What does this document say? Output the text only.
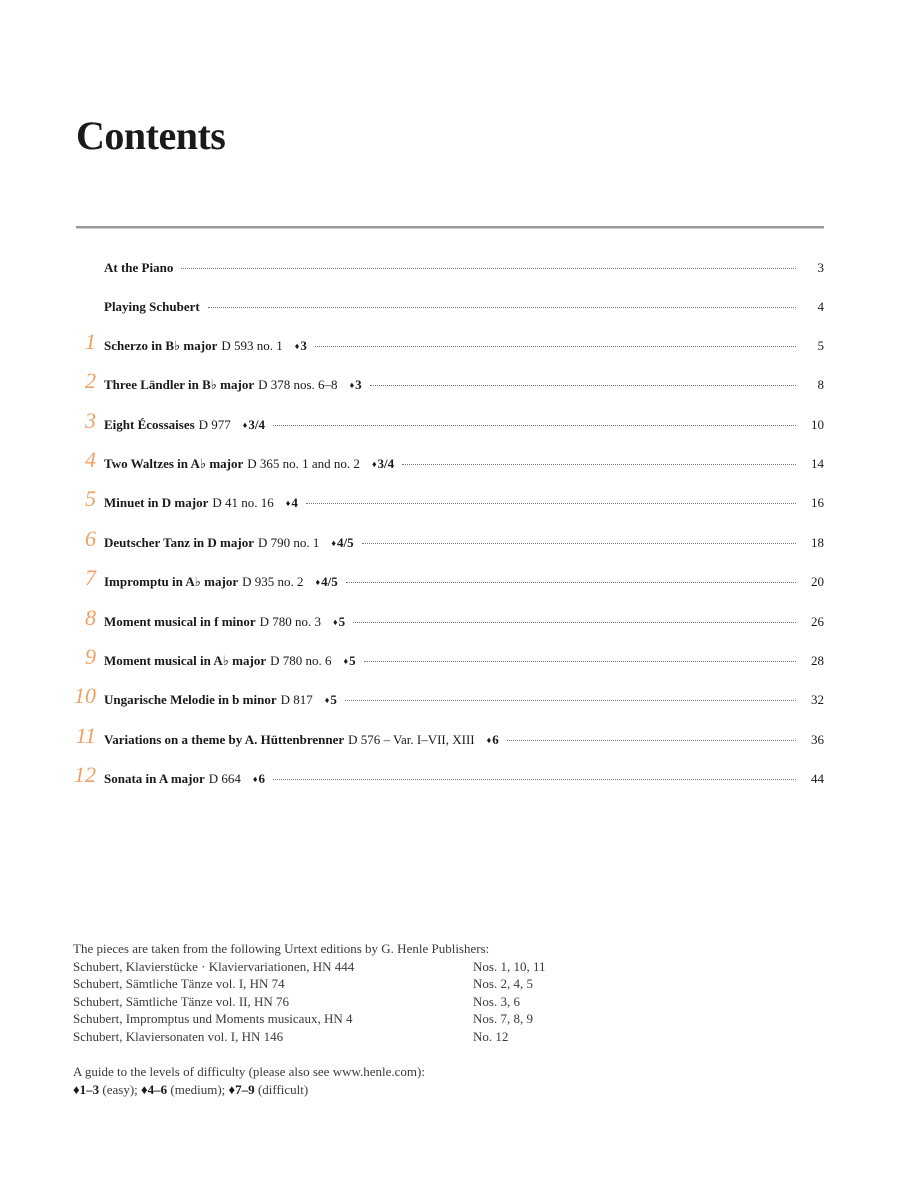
Contents
At the Piano	3
Playing Schubert	4
1 Scherzo in B♭ major D 593 no. 1 ♦3	5
2 Three Ländler in B♭ major D 378 nos. 6–8 ♦3	8
3 Eight Écossaises D 977 ♦3/4	10
4 Two Waltzes in A♭ major D 365 no. 1 and no. 2 ♦3/4	14
5 Minuet in D major D 41 no. 16 ♦4	16
6 Deutscher Tanz in D major D 790 no. 1 ♦4/5	18
7 Impromptu in A♭ major D 935 no. 2 ♦4/5	20
8 Moment musical in f minor D 780 no. 3 ♦5	26
9 Moment musical in A♭ major D 780 no. 6 ♦5	28
10 Ungarische Melodie in b minor D 817 ♦5	32
11 Variations on a theme by A. Hüttenbrenner D 576 – Var. I–VII, XIII ♦6	36
12 Sonata in A major D 664 ♦6	44
The pieces are taken from the following Urtext editions by G. Henle Publishers:
Schubert, Klavierstücke · Klaviervariationen, HN 444	Nos. 1, 10, 11
Schubert, Sämtliche Tänze vol. I, HN 74	Nos. 2, 4, 5
Schubert, Sämtliche Tänze vol. II, HN 76	Nos. 3, 6
Schubert, Impromptus und Moments musicaux, HN 4	Nos. 7, 8, 9
Schubert, Klaviersonaten vol. I, HN 146	No. 12
A guide to the levels of difficulty (please also see www.henle.com):
♦1–3 (easy); ♦4–6 (medium); ♦7–9 (difficult)
